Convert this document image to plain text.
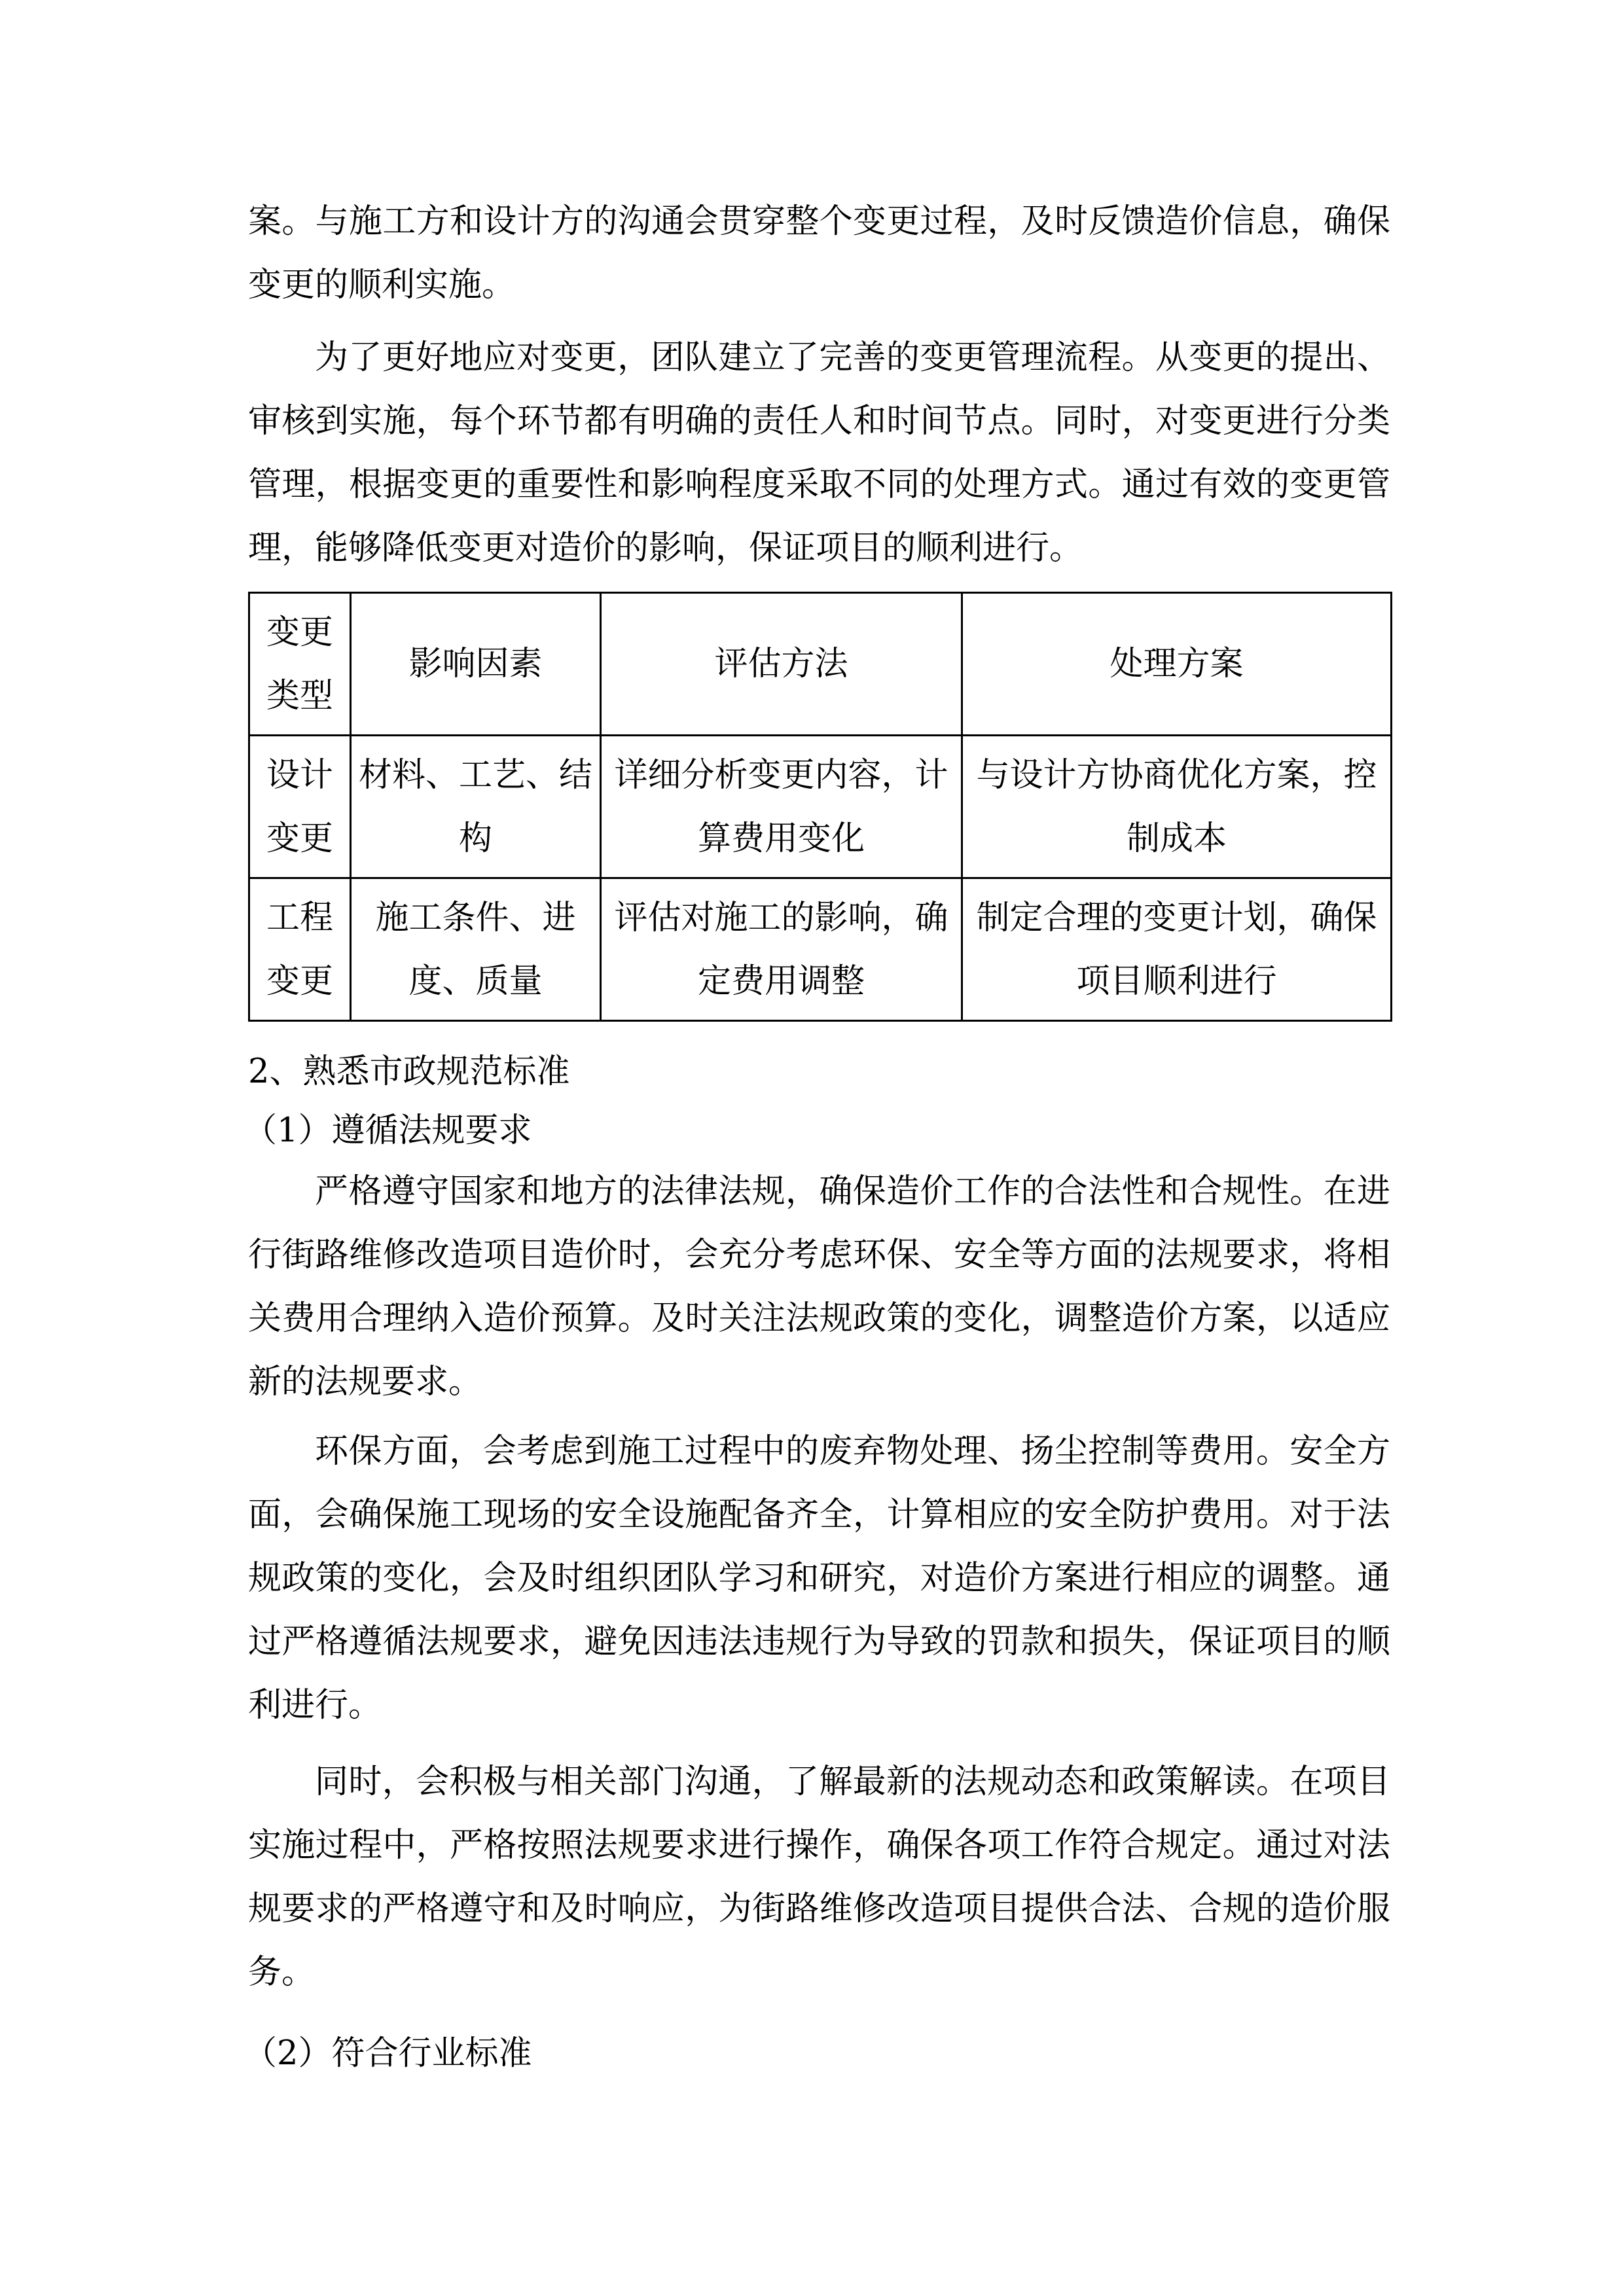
案。与施工方和设计方的沟通会贯穿整个变更过程，及时反馈造价信息，确保变更的顺利实施。

为了更好地应对变更，团队建立了完善的变更管理流程。从变更的提出、审核到实施，每个环节都有明确的责任人和时间节点。同时，对变更进行分类管理，根据变更的重要性和影响程度采取不同的处理方式。通过有效的变更管理，能够降低变更对造价的影响，保证项目的顺利进行。

变更类型	影响因素	评估方法	处理方案
设计变更	材料、工艺、结构	详细分析变更内容，计算费用变化	与设计方协商优化方案，控制成本
工程变更	施工条件、进度、质量	评估对施工的影响，确定费用调整	制定合理的变更计划，确保项目顺利进行
2、熟悉市政规范标准
（1）遵循法规要求

严格遵守国家和地方的法律法规，确保造价工作的合法性和合规性。在进行街路维修改造项目造价时，会充分考虑环保、安全等方面的法规要求，将相关费用合理纳入造价预算。及时关注法规政策的变化，调整造价方案，以适应新的法规要求。

环保方面，会考虑到施工过程中的废弃物处理、扬尘控制等费用。安全方面，会确保施工现场的安全设施配备齐全，计算相应的安全防护费用。对于法规政策的变化，会及时组织团队学习和研究，对造价方案进行相应的调整。通过严格遵循法规要求，避免因违法违规行为导致的罚款和损失，保证项目的顺利进行。

同时，会积极与相关部门沟通，了解最新的法规动态和政策解读。在项目实施过程中，严格按照法规要求进行操作，确保各项工作符合规定。通过对法规要求的严格遵守和及时响应，为街路维修改造项目提供合法、合规的造价服务。

（2）符合行业标准
